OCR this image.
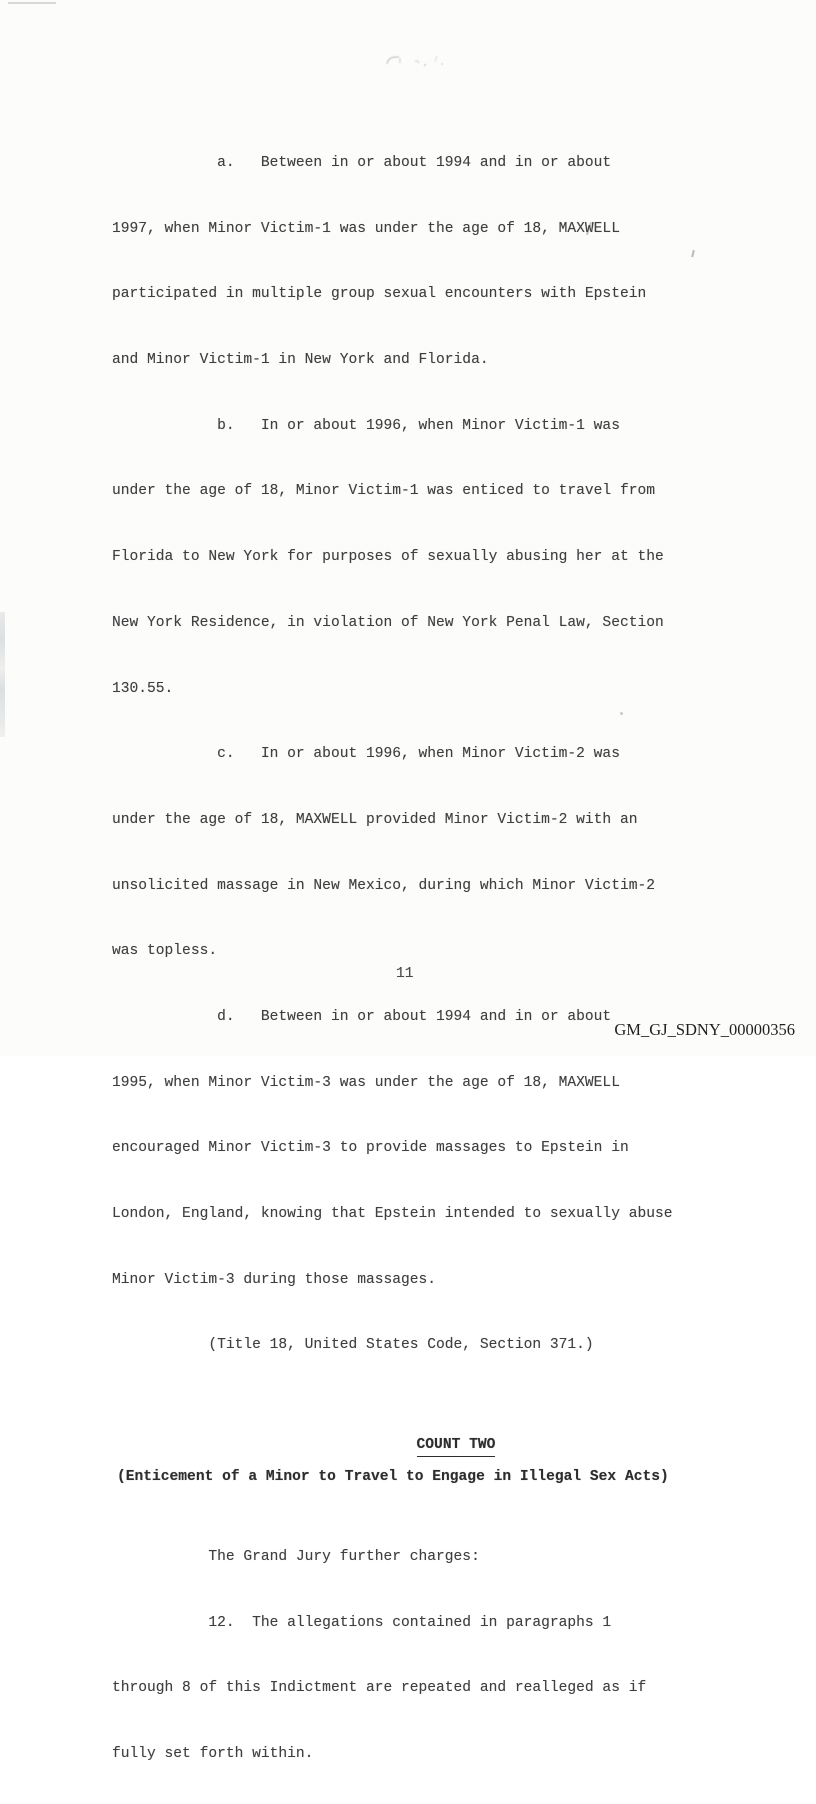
a.   Between in or about 1994 and in or about

1997, when Minor Victim-1 was under the age of 18, MAXWELL

participated in multiple group sexual encounters with Epstein

and Minor Victim-1 in New York and Florida.

b.   In or about 1996, when Minor Victim-1 was

under the age of 18, Minor Victim-1 was enticed to travel from

Florida to New York for purposes of sexually abusing her at the

New York Residence, in violation of New York Penal Law, Section

130.55.

c.   In or about 1996, when Minor Victim-2 was

under the age of 18, MAXWELL provided Minor Victim-2 with an

unsolicited massage in New Mexico, during which Minor Victim-2

was topless.

d.   Between in or about 1994 and in or about

1995, when Minor Victim-3 was under the age of 18, MAXWELL

encouraged Minor Victim-3 to provide massages to Epstein in

London, England, knowing that Epstein intended to sexually abuse

Minor Victim-3 during those massages.

(Title 18, United States Code, Section 371.)

COUNT TWO

(Enticement of a Minor to Travel to Engage in Illegal Sex Acts)

The Grand Jury further charges:

12.  The allegations contained in paragraphs 1

through 8 of this Indictment are repeated and realleged as if

fully set forth within.

11
GM_GJ_SDNY_00000356
